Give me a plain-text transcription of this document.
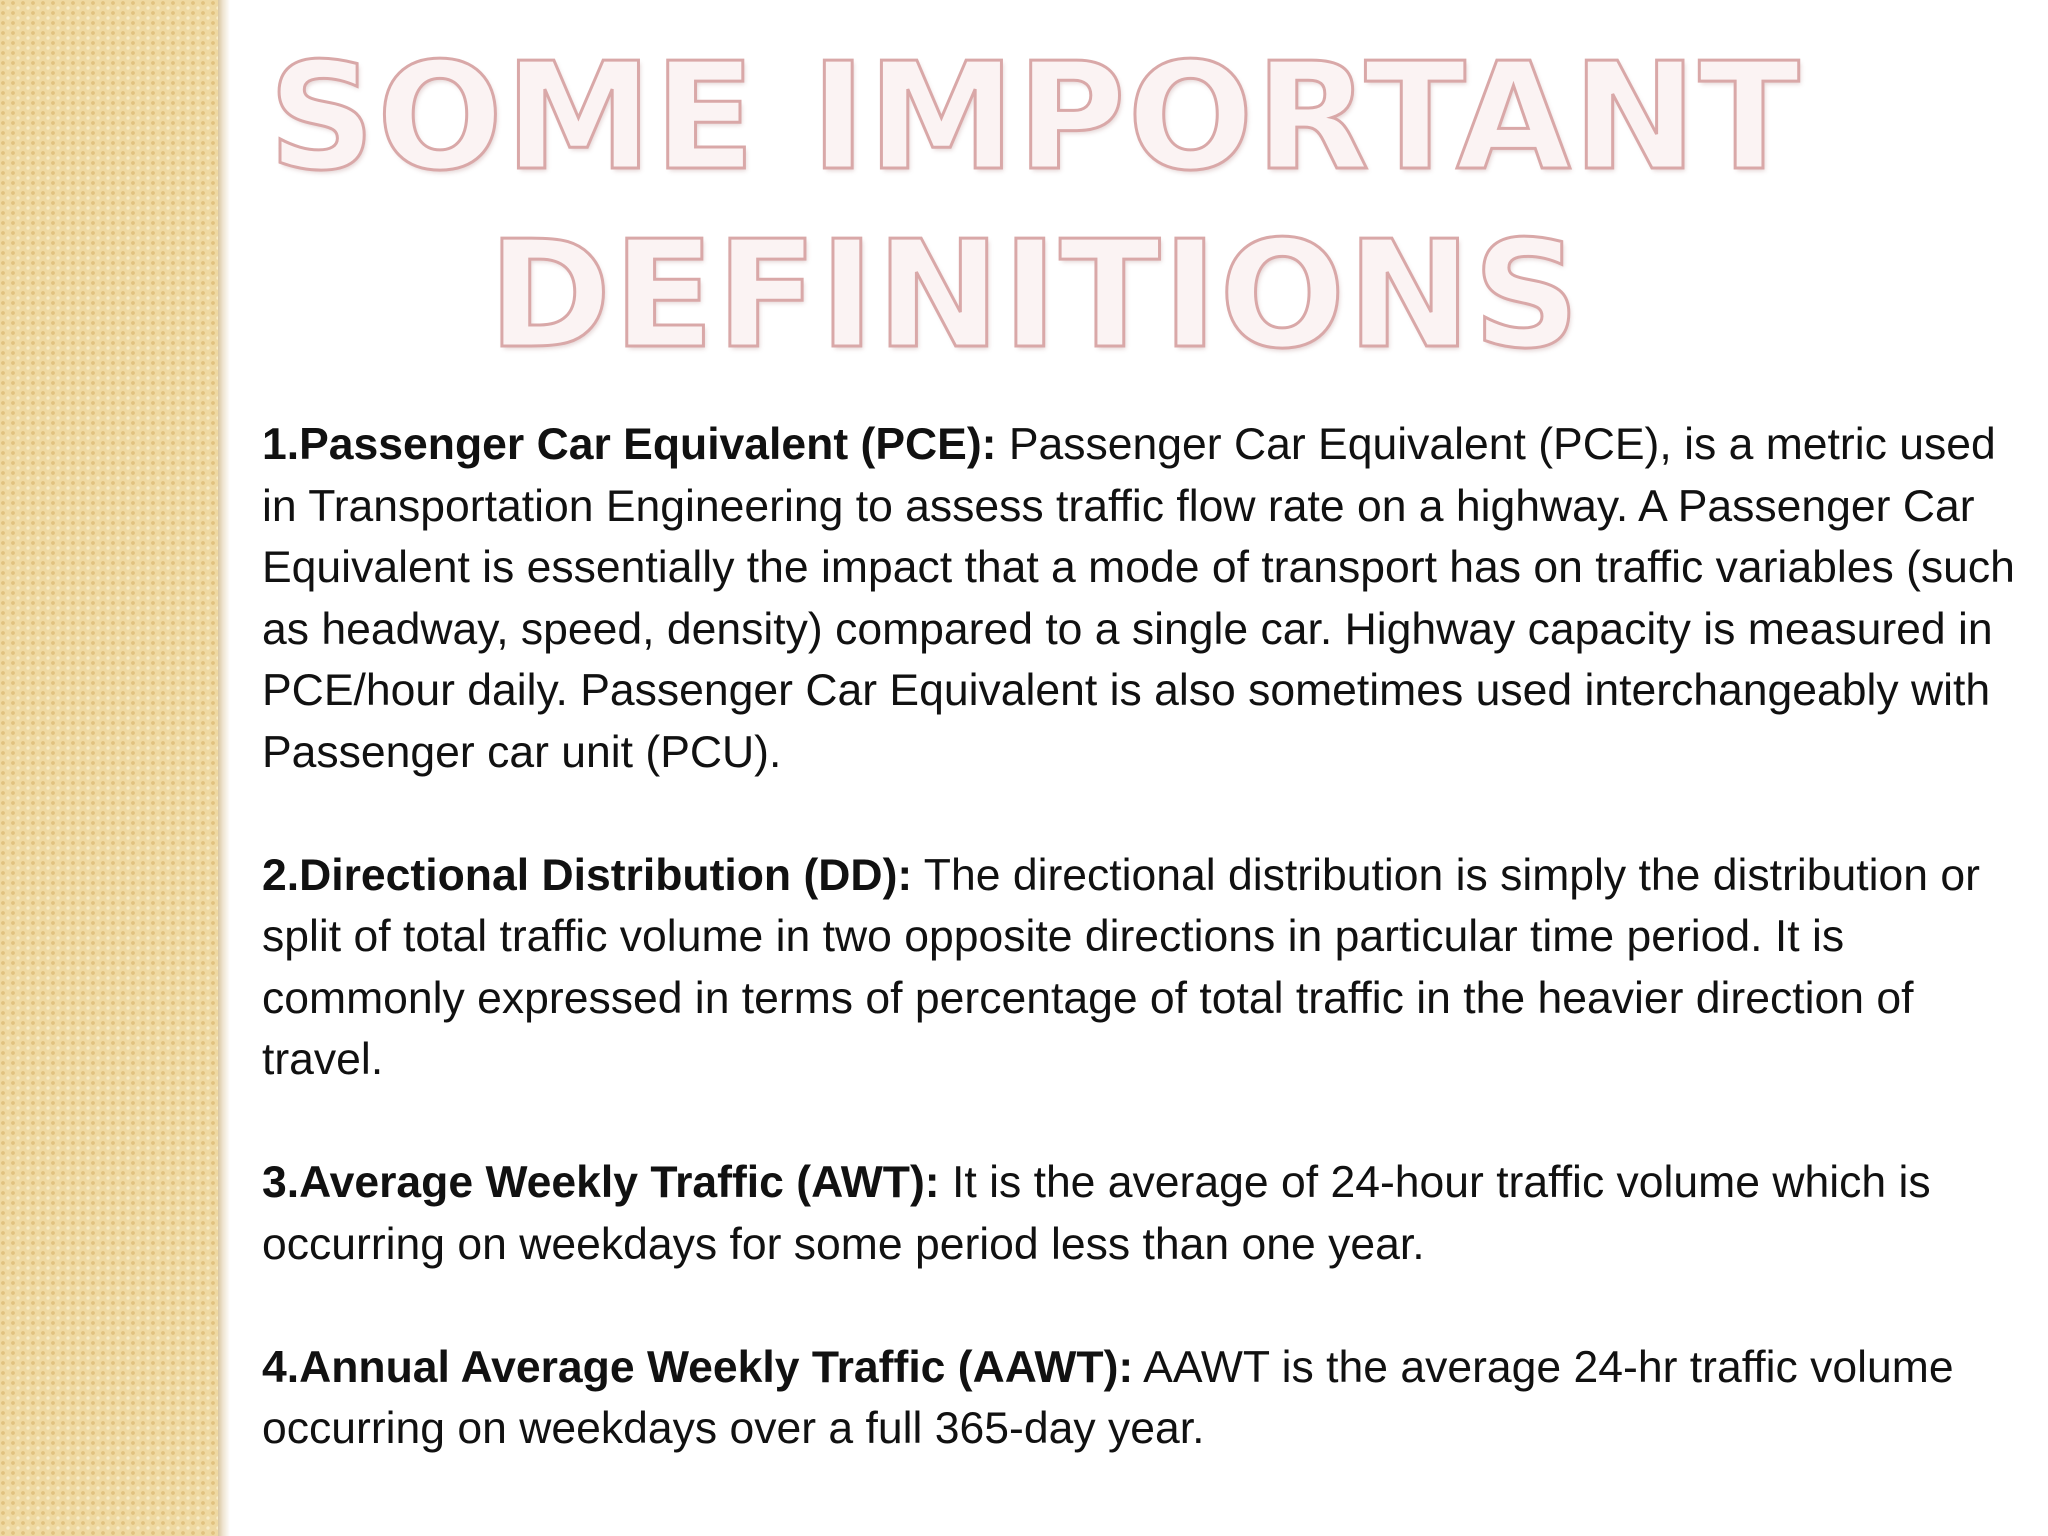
SOME IMPORTANT
DEFINITIONS

1.Passenger Car Equivalent (PCE): Passenger Car Equivalent (PCE), is a metric used in Transportation Engineering to assess traffic flow rate on a highway. A Passenger Car Equivalent is essentially the impact that a mode of transport has on traffic variables (such as headway, speed, density) compared to a single car. Highway capacity is measured in PCE/hour daily. Passenger Car Equivalent is also sometimes used interchangeably with Passenger car unit (PCU).

2.Directional Distribution (DD): The directional distribution is simply the distribution or split of total traffic volume in two opposite directions in particular time period. It is commonly expressed in terms of percentage of total traffic in the heavier direction of travel.

3.Average Weekly Traffic (AWT): It is the average of 24-hour traffic volume which is occurring on weekdays for some period less than one year.

4.Annual Average Weekly Traffic (AAWT): AAWT is the average 24-hr traffic volume occurring on weekdays over a full 365-day year.
